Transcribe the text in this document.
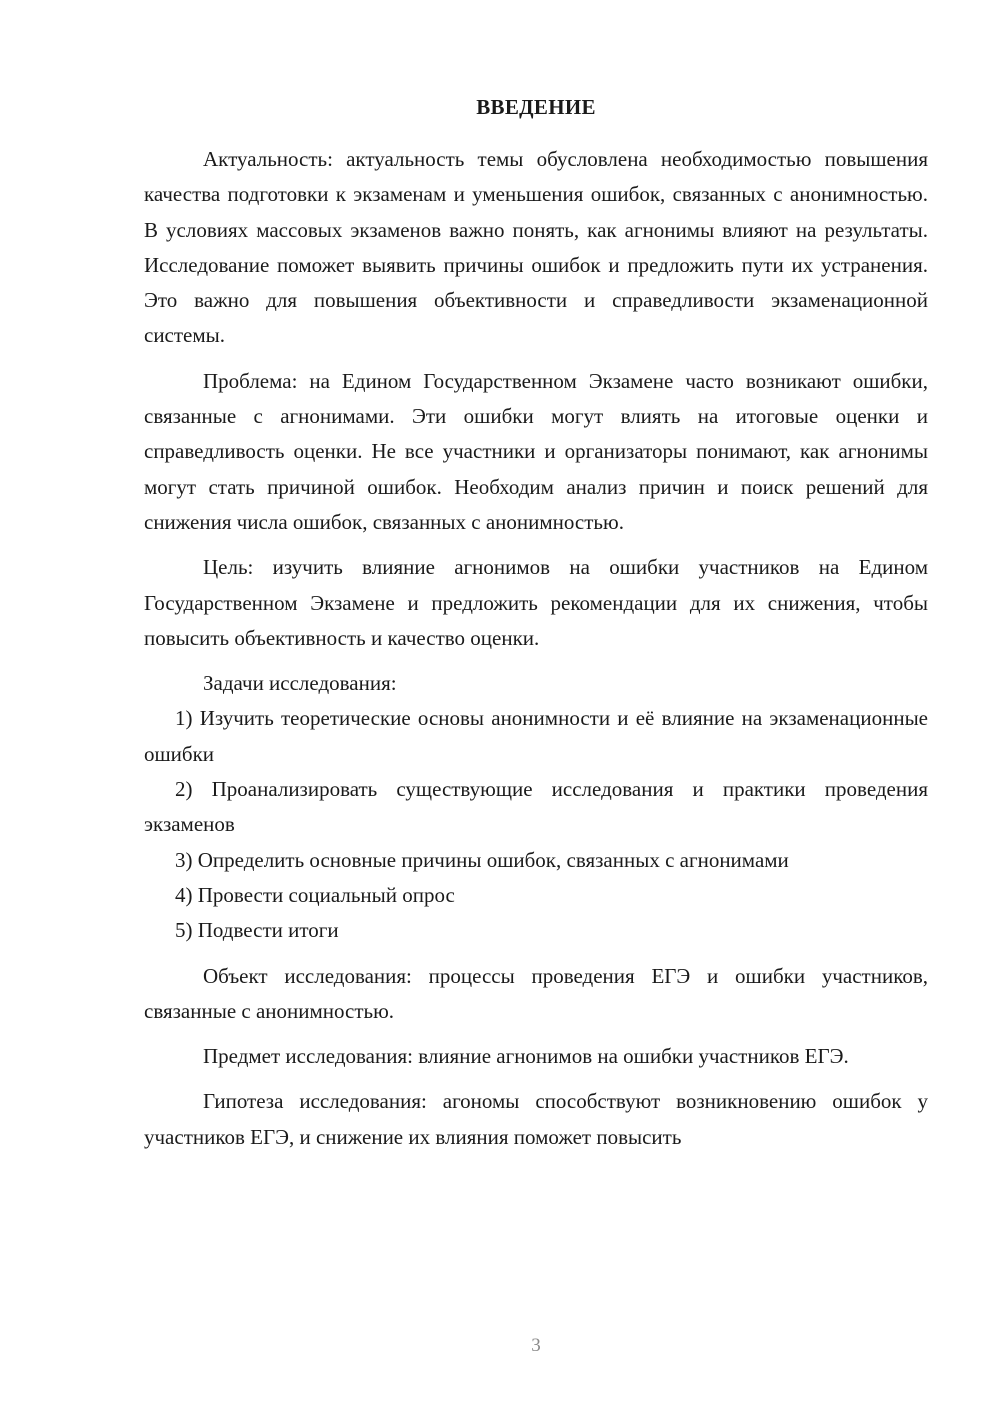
ВВЕДЕНИЕ

Актуальность: актуальность темы обусловлена необходимостью повышения качества подготовки к экзаменам и уменьшения ошибок, связанных с анонимностью. В условиях массовых экзаменов важно понять, как агнонимы влияют на результаты. Исследование поможет выявить причины ошибок и предложить пути их устранения. Это важно для повышения объективности и справедливости экзаменационной системы.

Проблема: на Едином Государственном Экзамене часто возникают ошибки, связанные с агнонимами. Эти ошибки могут влиять на итоговые оценки и справедливость оценки. Не все участники и организаторы понимают, как агнонимы могут стать причиной ошибок. Необходим анализ причин и поиск решений для снижения числа ошибок, связанных с анонимностью.

Цель: изучить влияние агнонимов на ошибки участников на Едином Государственном Экзамене и предложить рекомендации для их снижения, чтобы повысить объективность и качество оценки.

Задачи исследования:

1) Изучить теоретические основы анонимности и её влияние на экзаменационные ошибки

2) Проанализировать существующие исследования и практики проведения экзаменов

3) Определить основные причины ошибок, связанных с агнонимами

4) Провести социальный опрос

5) Подвести итоги

Объект исследования: процессы проведения ЕГЭ и ошибки участников, связанные с анонимностью.

Предмет исследования: влияние агнонимов на ошибки участников ЕГЭ.

Гипотеза исследования: агономы способствуют возникновению ошибок у участников ЕГЭ, и снижение их влияния поможет повысить

3
